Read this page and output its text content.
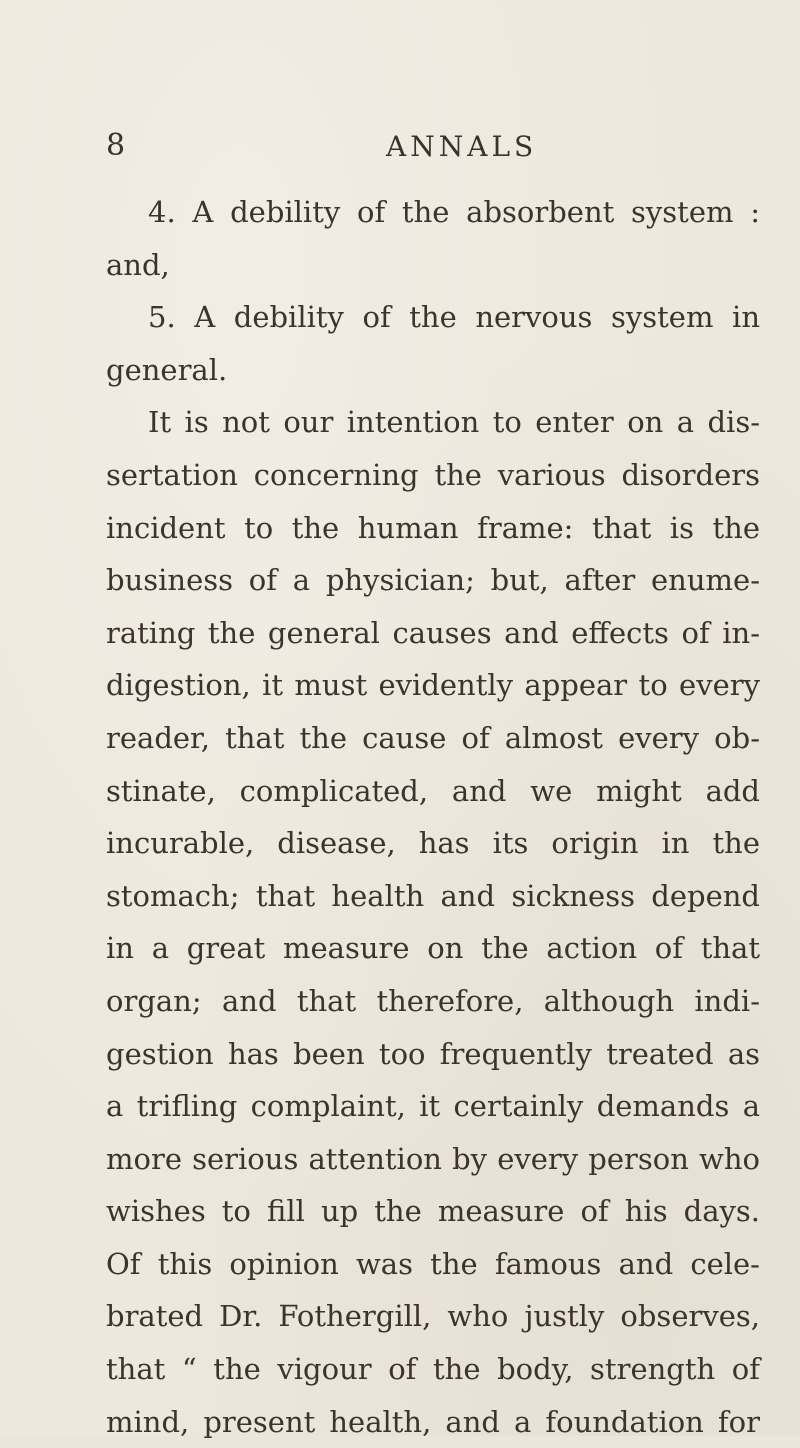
8	ANNALS
4. A debility of the absorbent system :
and,
5. A debility of the nervous system in
general.
It is not our intention to enter on a dis-
sertation concerning the various disorders
incident to the human frame: that is the
business of a physician; but, after enume-
rating the general causes and effects of in-
digestion, it must evidently appear to every
reader, that the cause of almost every ob-
stinate, complicated, and we might add
incurable, disease, has its origin in the
stomach; that health and sickness depend
in a great measure on the action of that
organ; and that therefore, although indi-
gestion has been too frequently treated as
a trifling complaint, it certainly demands a
more serious attention by every person who
wishes to fill up the measure of his days.
Of this opinion was the famous and cele-
brated Dr. Fothergill, who justly observes,
that “ the vigour of the body, strength of
mind, present health, and a foundation for
